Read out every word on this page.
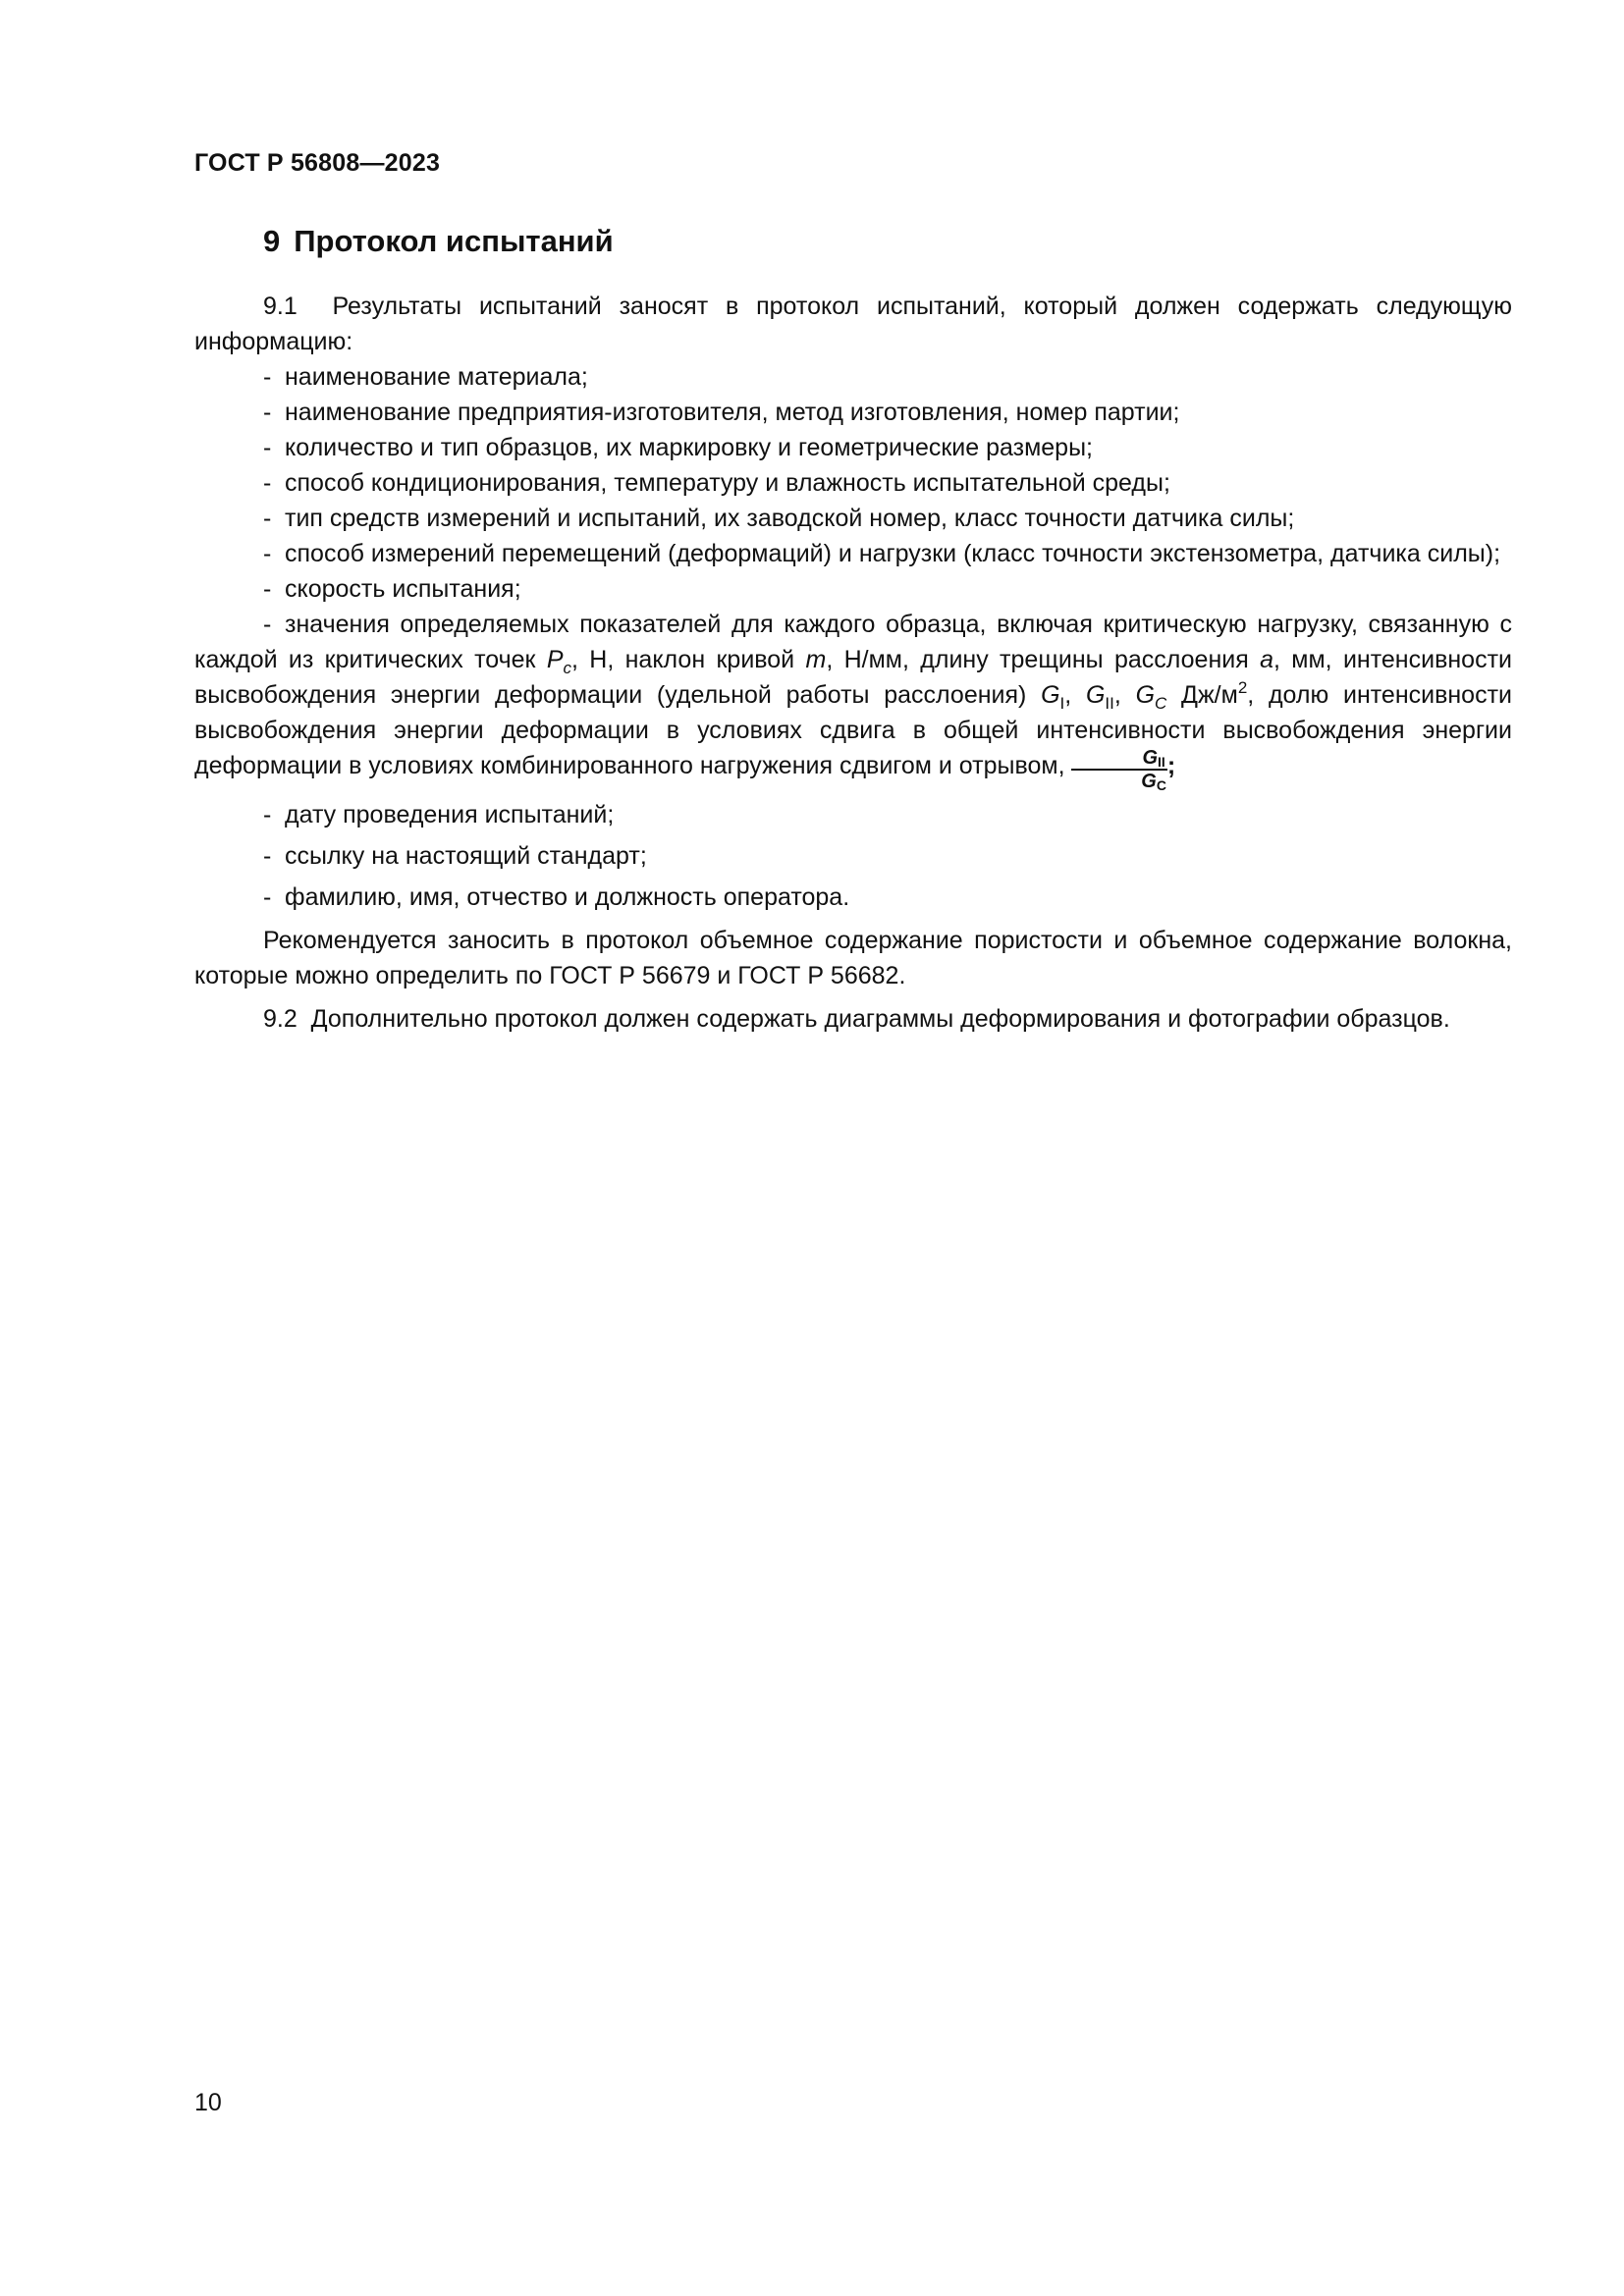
ГОСТ Р 56808—2023
9 Протокол испытаний

9.1 Результаты испытаний заносят в протокол испытаний, который должен содержать следующую информацию:

- наименование материала;

- наименование предприятия-изготовителя, метод изготовления, номер партии;

- количество и тип образцов, их маркировку и геометрические размеры;

- способ кондиционирования, температуру и влажность испытательной среды;

- тип средств измерений и испытаний, их заводской номер, класс точности датчика силы;

- способ измерений перемещений (деформаций) и нагрузки (класс точности экстензометра, датчика силы);

- скорость испытания;

- значения определяемых показателей для каждого образца, включая критическую нагрузку, связанную с каждой из критических точек $P_c$, Н, наклон кривой m, Н/мм, длину трещины расслоения a, мм, интенсивности высвобождения энергии деформации (удельной работы расслоения) $G_I$, $G_{II}$, $G_C$ $Дж/м^2$, долю интенсивности высвобождения энергии деформации в условиях сдвига в общей интенсивности высвобождения энергии деформации в условиях комбинированного нагружения сдвигом и отрывом, $\frac{G_{II}}{G_C}$ ;

- дату проведения испытаний;

- ссылку на настоящий стандарт;

- фамилию, имя, отчество и должность оператора.

Рекомендуется заносить в протокол объемное содержание пористости и объемное содержание волокна, которые можно определить по ГОСТ Р 56679 и ГОСТ Р 56682.

9.2 Дополнительно протокол должен содержать диаграммы деформирования и фотографии образцов.

10
